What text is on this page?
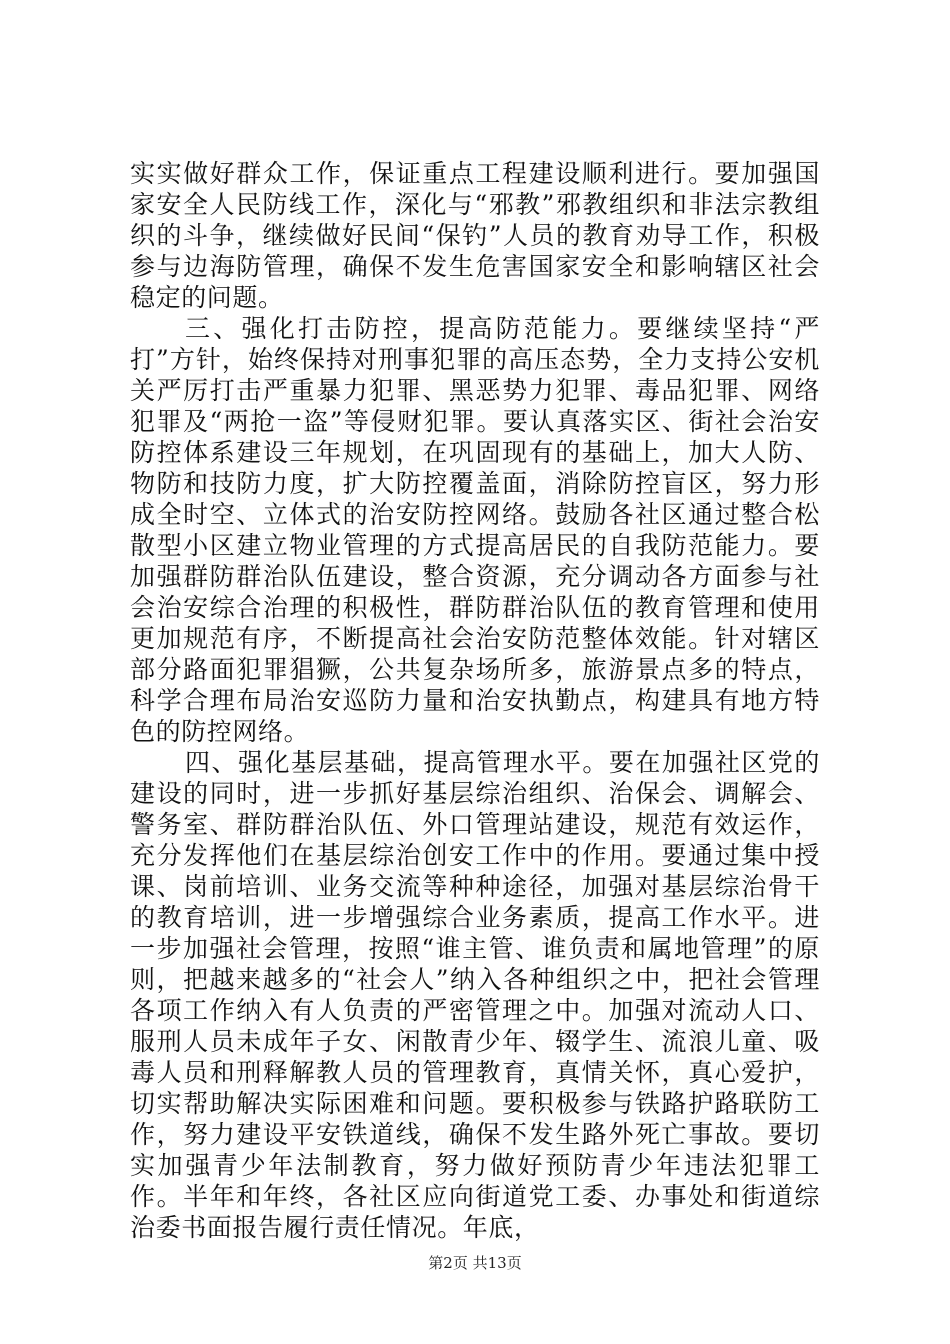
实实做好群众工作，保证重点工程建设顺利进行。要加强国家安全人民防线工作，深化与“邪教”邪教组织和非法宗教组织的斗争，继续做好民间“保钓”人员的教育劝导工作，积极参与边海防管理，确保不发生危害国家安全和影响辖区社会稳定的问题。

三、强化打击防控，提高防范能力。要继续坚持“严打”方针，始终保持对刑事犯罪的高压态势，全力支持公安机关严厉打击严重暴力犯罪、黑恶势力犯罪、毒品犯罪、网络犯罪及“两抢一盗”等侵财犯罪。要认真落实区、街社会治安防控体系建设三年规划，在巩固现有的基础上，加大人防、物防和技防力度，扩大防控覆盖面，消除防控盲区，努力形成全时空、立体式的治安防控网络。鼓励各社区通过整合松散型小区建立物业管理的方式提高居民的自我防范能力。要加强群防群治队伍建设，整合资源，充分调动各方面参与社会治安综合治理的积极性，群防群治队伍的教育管理和使用更加规范有序，不断提高社会治安防范整体效能。针对辖区部分路面犯罪猖獗，公共复杂场所多，旅游景点多的特点，科学合理布局治安巡防力量和治安执勤点，构建具有地方特色的防控网络。

四、强化基层基础，提高管理水平。要在加强社区党的建设的同时，进一步抓好基层综治组织、治保会、调解会、警务室、群防群治队伍、外口管理站建设，规范有效运作，充分发挥他们在基层综治创安工作中的作用。要通过集中授课、岗前培训、业务交流等种种途径，加强对基层综治骨干的教育培训，进一步增强综合业务素质，提高工作水平。进一步加强社会管理，按照“谁主管、谁负责和属地管理”的原则，把越来越多的“社会人”纳入各种组织之中，把社会管理各项工作纳入有人负责的严密管理之中。加强对流动人口、服刑人员未成年子女、闲散青少年、辍学生、流浪儿童、吸毒人员和刑释解教人员的管理教育，真情关怀，真心爱护，切实帮助解决实际困难和问题。要积极参与铁路护路联防工作，努力建设平安铁道线，确保不发生路外死亡事故。要切实加强青少年法制教育，努力做好预防青少年违法犯罪工作。半年和年终，各社区应向街道党工委、办事处和街道综治委书面报告履行责任情况。年底，

第2页 共13页
